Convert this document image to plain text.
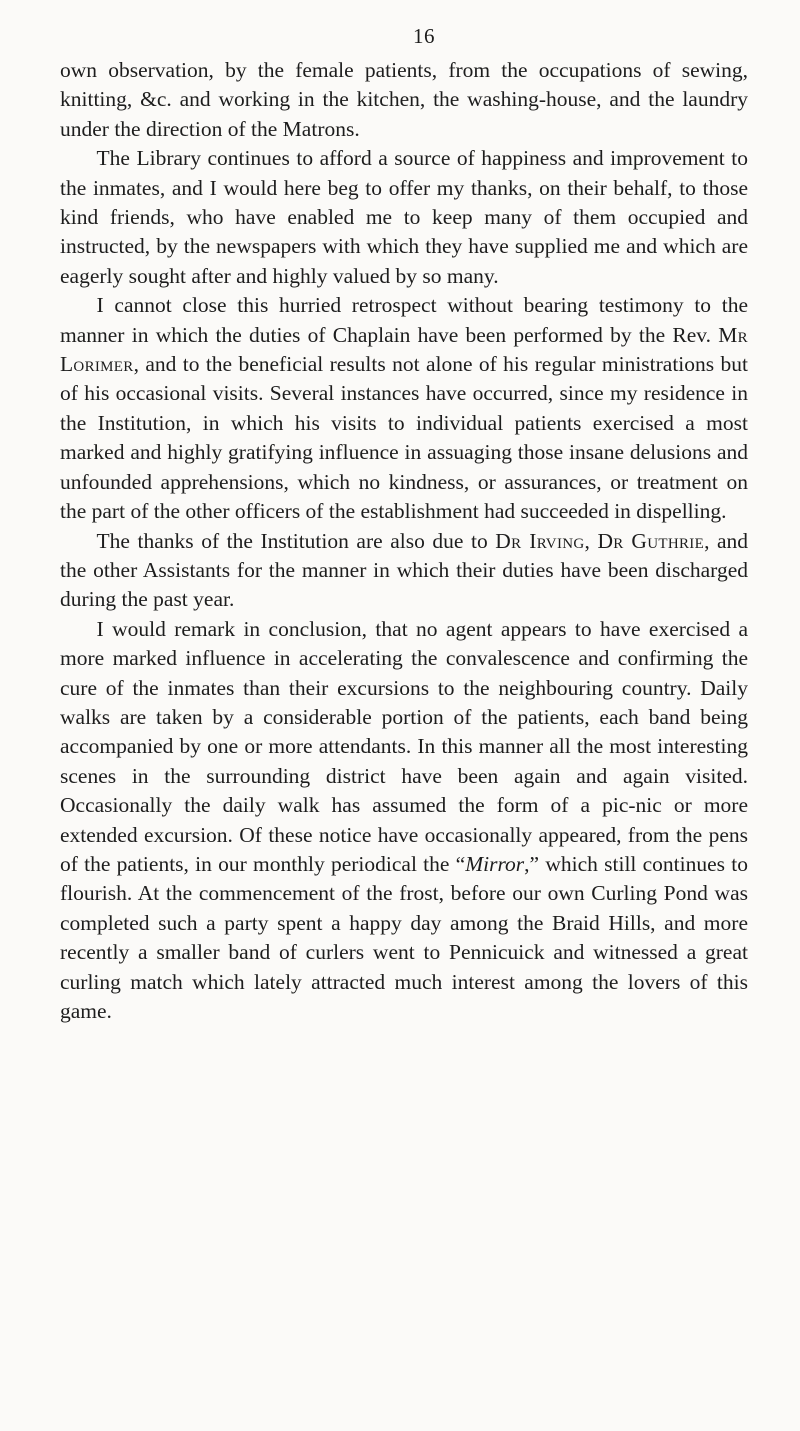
16

own observation, by the female patients, from the occupations of sewing, knitting, &c. and working in the kitchen, the washing-house, and the laundry under the direction of the Matrons.

The Library continues to afford a source of happiness and improvement to the inmates, and I would here beg to offer my thanks, on their behalf, to those kind friends, who have enabled me to keep many of them occupied and instructed, by the newspapers with which they have supplied me and which are eagerly sought after and highly valued by so many.

I cannot close this hurried retrospect without bearing testimony to the manner in which the duties of Chaplain have been performed by the Rev. Mr Lorimer, and to the beneficial results not alone of his regular ministrations but of his occasional visits. Several instances have occurred, since my residence in the Institution, in which his visits to individual patients exercised a most marked and highly gratifying influence in assuaging those insane delusions and unfounded apprehensions, which no kindness, or assurances, or treatment on the part of the other officers of the establishment had succeeded in dispelling.

The thanks of the Institution are also due to Dr Irving, Dr Guthrie, and the other Assistants for the manner in which their duties have been discharged during the past year.

I would remark in conclusion, that no agent appears to have exercised a more marked influence in accelerating the convalescence and confirming the cure of the inmates than their excursions to the neighbouring country. Daily walks are taken by a considerable portion of the patients, each band being accompanied by one or more attendants. In this manner all the most interesting scenes in the surrounding district have been again and again visited. Occasionally the daily walk has assumed the form of a pic-nic or more extended excursion. Of these notice have occasionally appeared, from the pens of the patients, in our monthly periodical the “Mirror,” which still continues to flourish. At the commencement of the frost, before our own Curling Pond was completed such a party spent a happy day among the Braid Hills, and more recently a smaller band of curlers went to Pennicuick and witnessed a great curling match which lately attracted much interest among the lovers of this game.
